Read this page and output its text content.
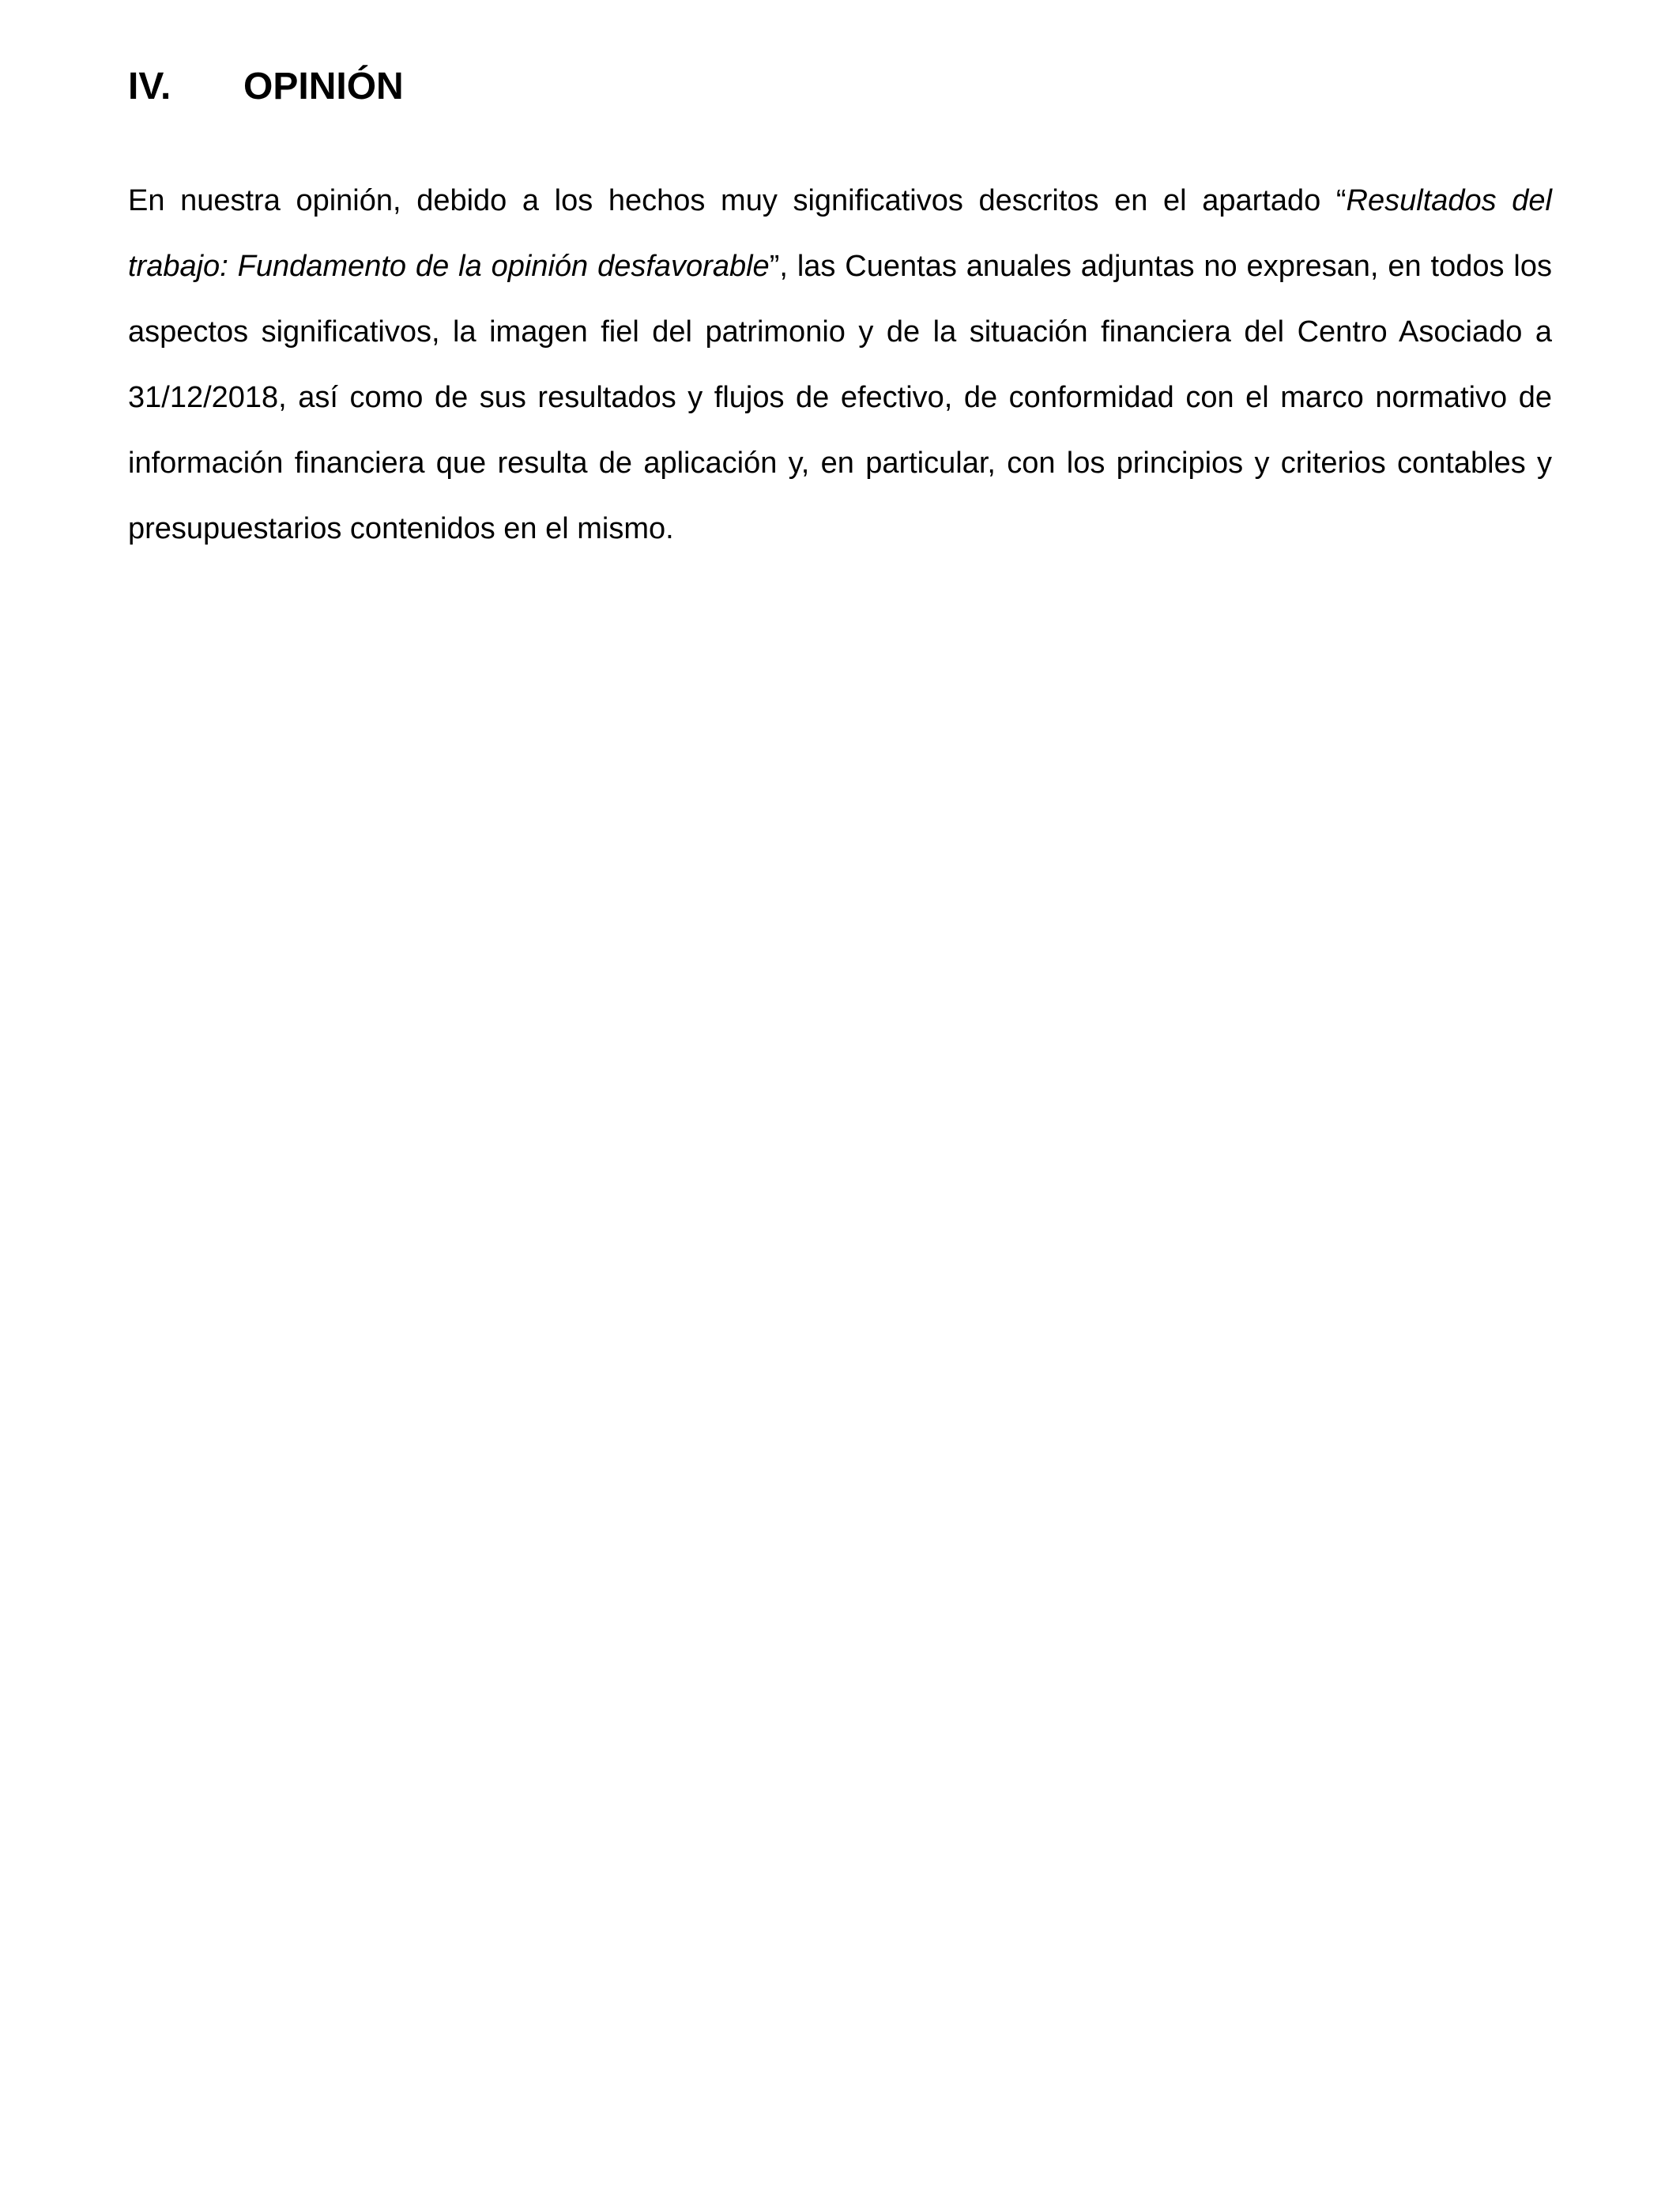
IV. OPINIÓN

En nuestra opinión, debido a los hechos muy significativos descritos en el apartado “Resultados del trabajo: Fundamento de la opinión desfavorable”, las Cuentas anuales adjuntas no expresan, en todos los aspectos significativos, la imagen fiel del patrimonio y de la situación financiera del Centro Asociado a 31/12/2018, así como de sus resultados y flujos de efectivo, de conformidad con el marco normativo de información financiera que resulta de aplicación y, en particular, con los principios y criterios contables y presupuestarios contenidos en el mismo.
